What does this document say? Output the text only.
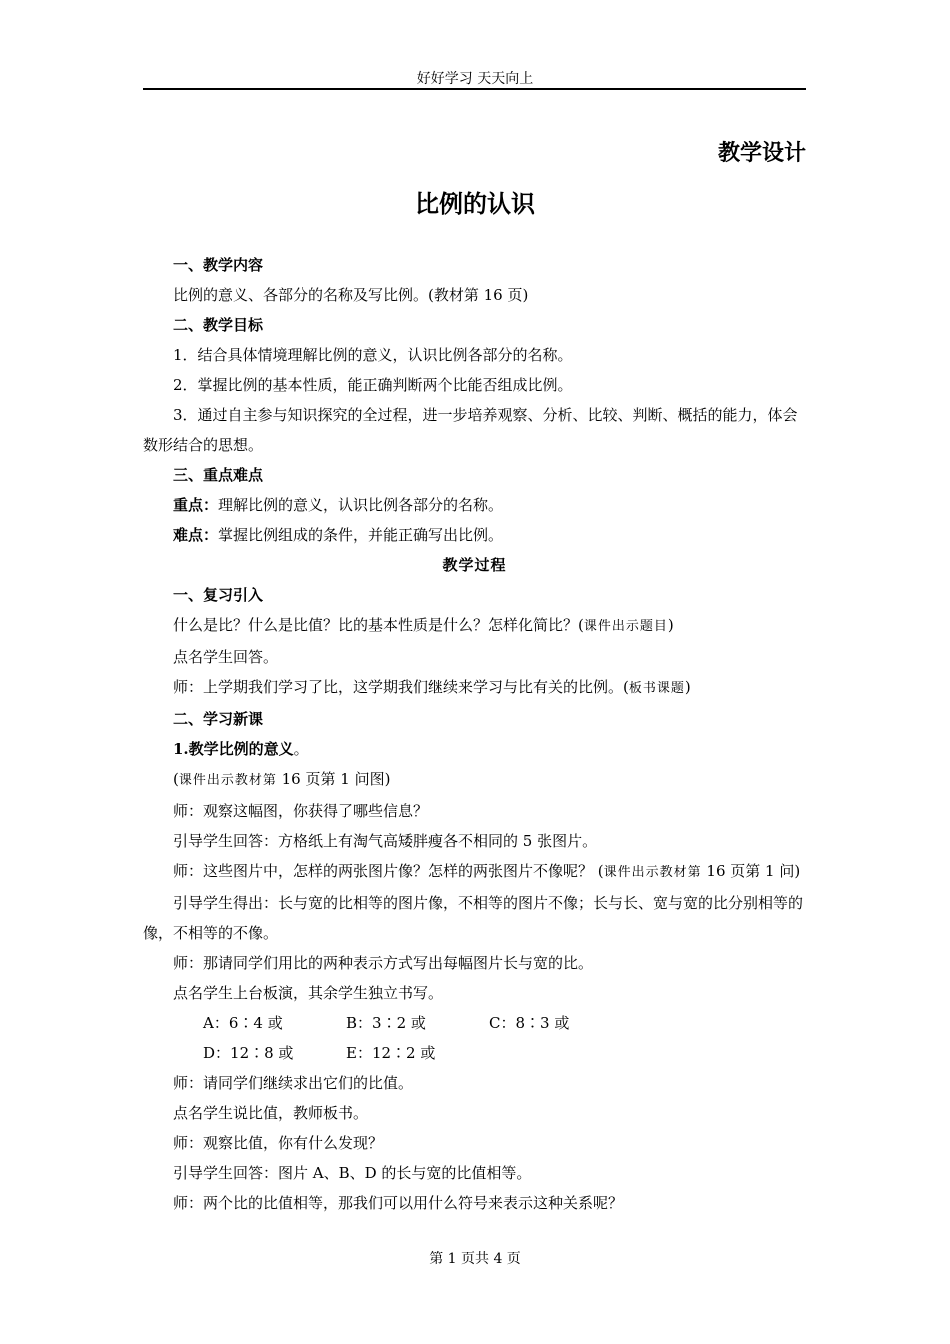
好好学习 天天向上
教学设计
比例的认识

一、教学内容

比例的意义、各部分的名称及写比例。(教材第 16 页)

二、教学目标

1．结合具体情境理解比例的意义，认识比例各部分的名称。

2．掌握比例的基本性质，能正确判断两个比能否组成比例。

3．通过自主参与知识探究的全过程，进一步培养观察、分析、比较、判断、概括的能力，体会数形结合的思想。

三、重点难点

重点：理解比例的意义，认识比例各部分的名称。

难点：掌握比例组成的条件，并能正确写出比例。

教学过程

一、复习引入

什么是比？什么是比值？比的基本性质是什么？怎样化简比？(课件出示题目)

点名学生回答。

师：上学期我们学习了比，这学期我们继续来学习与比有关的比例。(板书课题)

二、学习新课

1.教学比例的意义。

(课件出示教材第 16 页第 1 问图)

师：观察这幅图，你获得了哪些信息？

引导学生回答：方格纸上有淘气高矮胖瘦各不相同的 5 张图片。

师：这些图片中，怎样的两张图片像？怎样的两张图片不像呢？ (课件出示教材第 16 页第 1 问)

引导学生得出：长与宽的比相等的图片像，不相等的图片不像；长与长、宽与宽的比分别相等的像，不相等的不像。

师：那请同学们用比的两种表示方式写出每幅图片长与宽的比。

点名学生上台板演，其余学生独立书写。

A：6∶4 或	B：3∶2 或	C：8∶3 或

D：12∶8 或	E：12∶2 或

师：请同学们继续求出它们的比值。

点名学生说比值，教师板书。

师：观察比值，你有什么发现？

引导学生回答：图片 A、B、D 的长与宽的比值相等。

师：两个比的比值相等，那我们可以用什么符号来表示这种关系呢？

第 1 页共 4 页
